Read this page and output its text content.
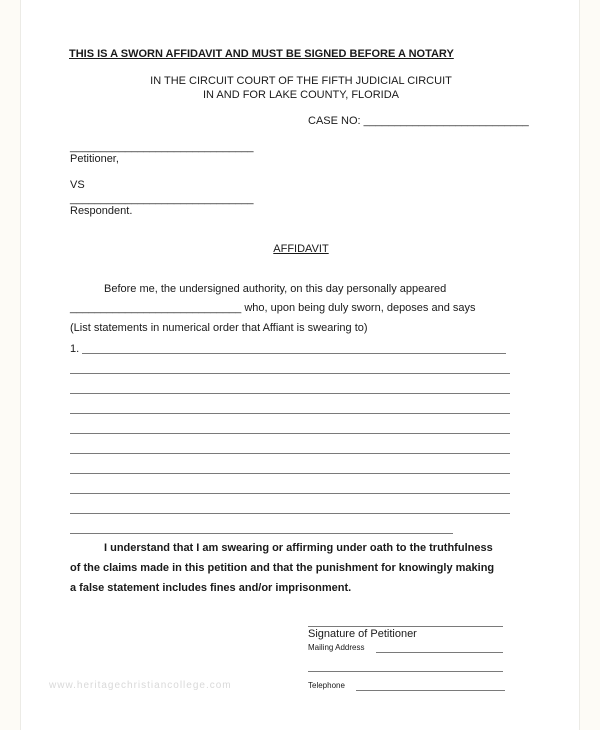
THIS IS A SWORN AFFIDAVIT AND MUST BE SIGNED BEFORE A NOTARY
IN THE CIRCUIT COURT OF THE FIFTH JUDICIAL CIRCUIT
IN AND FOR LAKE COUNTY, FLORIDA
CASE NO: ___________________________
______________________________
Petitioner,
VS
______________________________
Respondent.
AFFIDAVIT
Before me, the undersigned authority, on this day personally appeared
____________________________ who, upon being duly sworn, deposes and says
(List statements in numerical order that Affiant is swearing to)
1.
I understand that I am swearing or affirming under oath to the truthfulness
of the claims made in this petition and that the punishment for knowingly making
a false statement includes fines and/or imprisonment.
Signature of Petitioner
Mailing Address
Telephone
www.heritagechristiancollege.com
